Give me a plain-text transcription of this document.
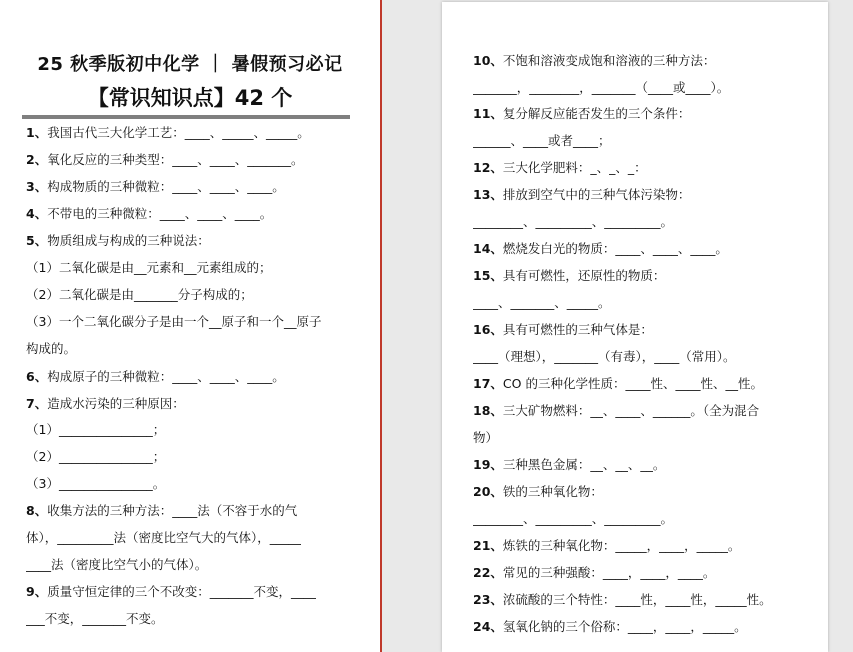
25 秋季版初中化学 ｜ 暑假预习必记
【常识知识点】42 个
1、我国古代三大化学工艺：____、_____、_____。
2、氧化反应的三种类型：____、____、_______。
3、构成物质的三种微粒：____、____、____。
4、不带电的三种微粒：____、____、____。
5、物质组成与构成的三种说法：
（1）二氧化碳是由__元素和__元素组成的；
（2）二氧化碳是由_______分子构成的；
（3）一个二氧化碳分子是由一个__原子和一个__原子
构成的。
6、构成原子的三种微粒：____、____、____。
7、造成水污染的三种原因：
（1）_______________；
（2）_______________；
（3）_______________。
8、收集方法的三种方法：____法（不容于水的气
体），_________法（密度比空气大的气体），_____
____法（密度比空气小的气体）。
9、质量守恒定律的三个不改变：_______不变，____
___不变，_______不变。
10、不饱和溶液变成饱和溶液的三种方法：
_______，________，_______（____或____）。
11、复分解反应能否发生的三个条件：
______、____或者____；
12、三大化学肥料：_、_、_：
13、排放到空气中的三种气体污染物：
________、_________、_________。
14、燃烧发白光的物质：____、____、____。
15、具有可燃性，还原性的物质：
____、_______、_____。
16、具有可燃性的三种气体是：
____（理想），_______（有毒），____（常用）。
17、CO 的三种化学性质：____性、____性、__性。
18、三大矿物燃料：__、____、______。（全为混合
物）
19、三种黑色金属：__、__、__。
20、铁的三种氧化物：
________、_________、_________。
21、炼铁的三种氧化物：_____，____，_____。
22、常见的三种强酸：____，____，____。
23、浓硫酸的三个特性：____性，____性，_____性。
24、氢氧化钠的三个俗称：____，____，_____。
